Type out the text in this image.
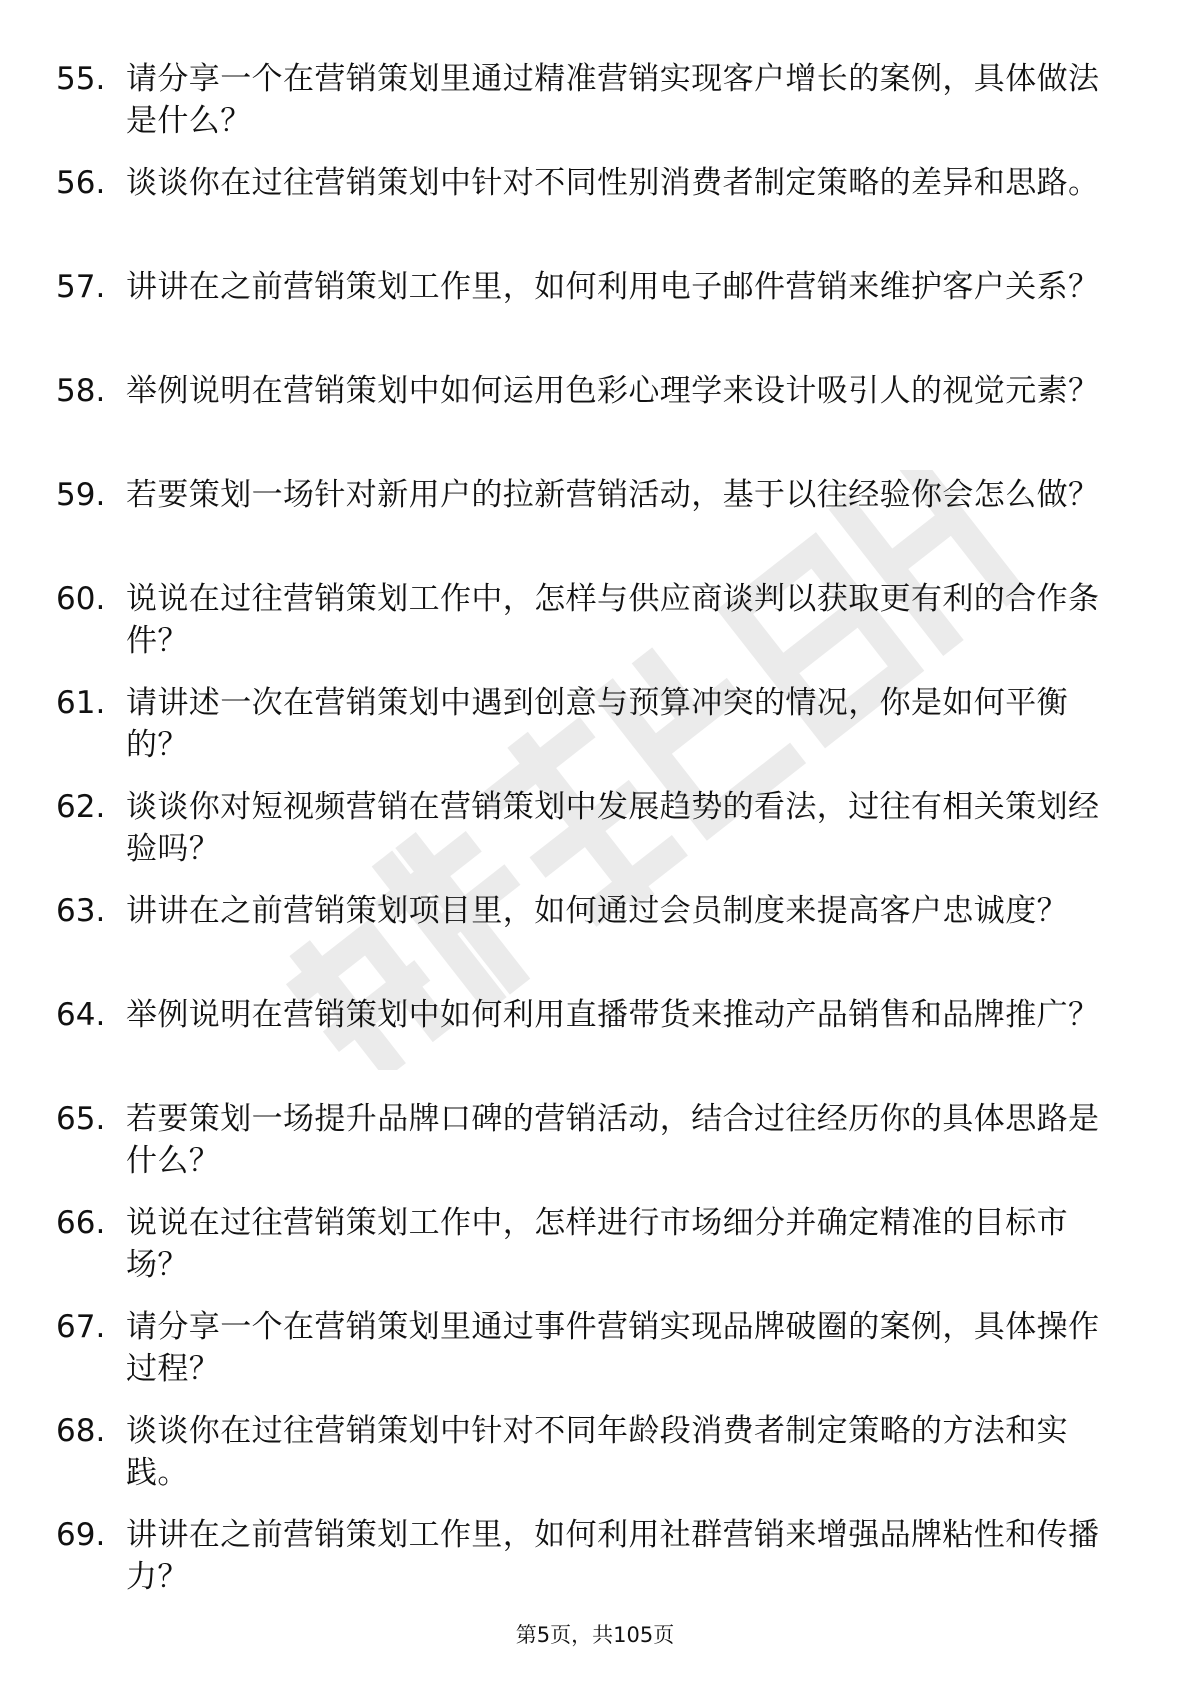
55. 请分享一个在营销策划里通过精准营销实现客户增长的案例，具体做法是什么？
56. 谈谈你在过往营销策划中针对不同性别消费者制定策略的差异和思路。
57. 讲讲在之前营销策划工作里，如何利用电子邮件营销来维护客户关系？
58. 举例说明在营销策划中如何运用色彩心理学来设计吸引人的视觉元素？
59. 若要策划一场针对新用户的拉新营销活动，基于以往经验你会怎么做？
60. 说说在过往营销策划工作中，怎样与供应商谈判以获取更有利的合作条件？
61. 请讲述一次在营销策划中遇到创意与预算冲突的情况，你是如何平衡的？
62. 谈谈你对短视频营销在营销策划中发展趋势的看法，过往有相关策划经验吗？
63. 讲讲在之前营销策划项目里，如何通过会员制度来提高客户忠诚度？
64. 举例说明在营销策划中如何利用直播带货来推动产品销售和品牌推广？
65. 若要策划一场提升品牌口碑的营销活动，结合过往经历你的具体思路是什么？
66. 说说在过往营销策划工作中，怎样进行市场细分并确定精准的目标市场？
67. 请分享一个在营销策划里通过事件营销实现品牌破圈的案例，具体操作过程？
68. 谈谈你在过往营销策划中针对不同年龄段消费者制定策略的方法和实践。
69. 讲讲在之前营销策划工作里，如何利用社群营销来增强品牌粘性和传播力？
第5页，共105页
